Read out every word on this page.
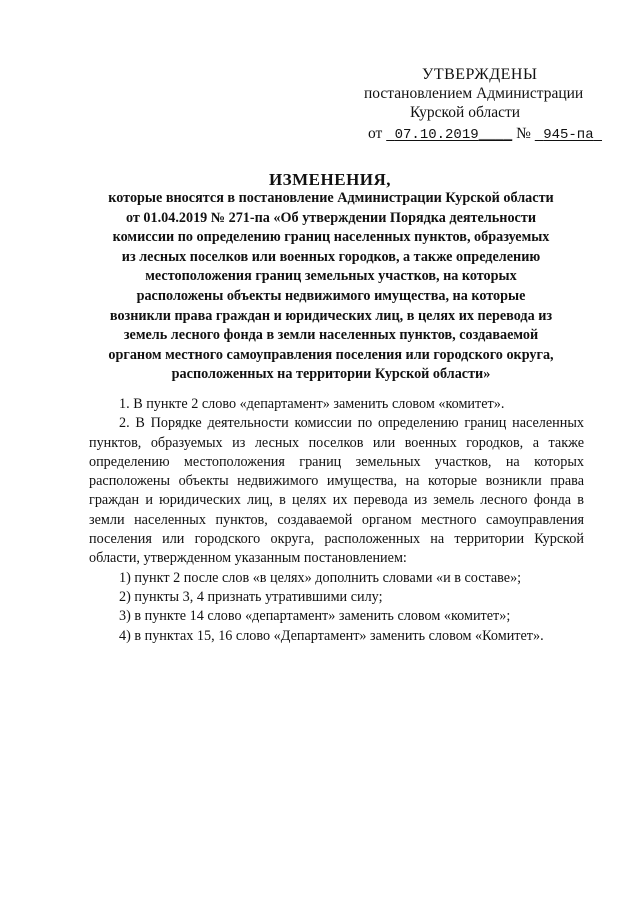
УТВЕРЖДЕНЫ
постановлением Администрации
Курской области
от 07.10.2019____ № 945-па
ИЗМЕНЕНИЯ,
которые вносятся в постановление Администрации Курской области
от 01.04.2019 № 271-па «Об утверждении Порядка деятельности
комиссии по определению границ населенных пунктов, образуемых
из лесных поселков или военных городков, а также определению
местоположения границ земельных участков, на которых
расположены объекты недвижимого имущества, на которые
возникли права граждан и юридических лиц, в целях их перевода из
земель лесного фонда в земли населенных пунктов, создаваемой
органом местного самоуправления поселения или городского округа,
расположенных на территории Курской области»

1. В пункте 2 слово «департамент» заменить словом «комитет».

2. В Порядке деятельности комиссии по определению границ населенных пунктов, образуемых из лесных поселков или военных городков, а также определению местоположения границ земельных участков, на которых расположены объекты недвижимого имущества, на которые возникли права граждан и юридических лиц, в целях их перевода из земель лесного фонда в земли населенных пунктов, создаваемой органом местного самоуправления поселения или городского округа, расположенных на территории Курской области, утвержденном указанным постановлением:

1) пункт 2 после слов «в целях» дополнить словами «и в составе»;

2) пункты 3, 4 признать утратившими силу;

3) в пункте 14 слово «департамент» заменить словом «комитет»;

4) в пунктах 15, 16 слово «Департамент» заменить словом «Комитет».
